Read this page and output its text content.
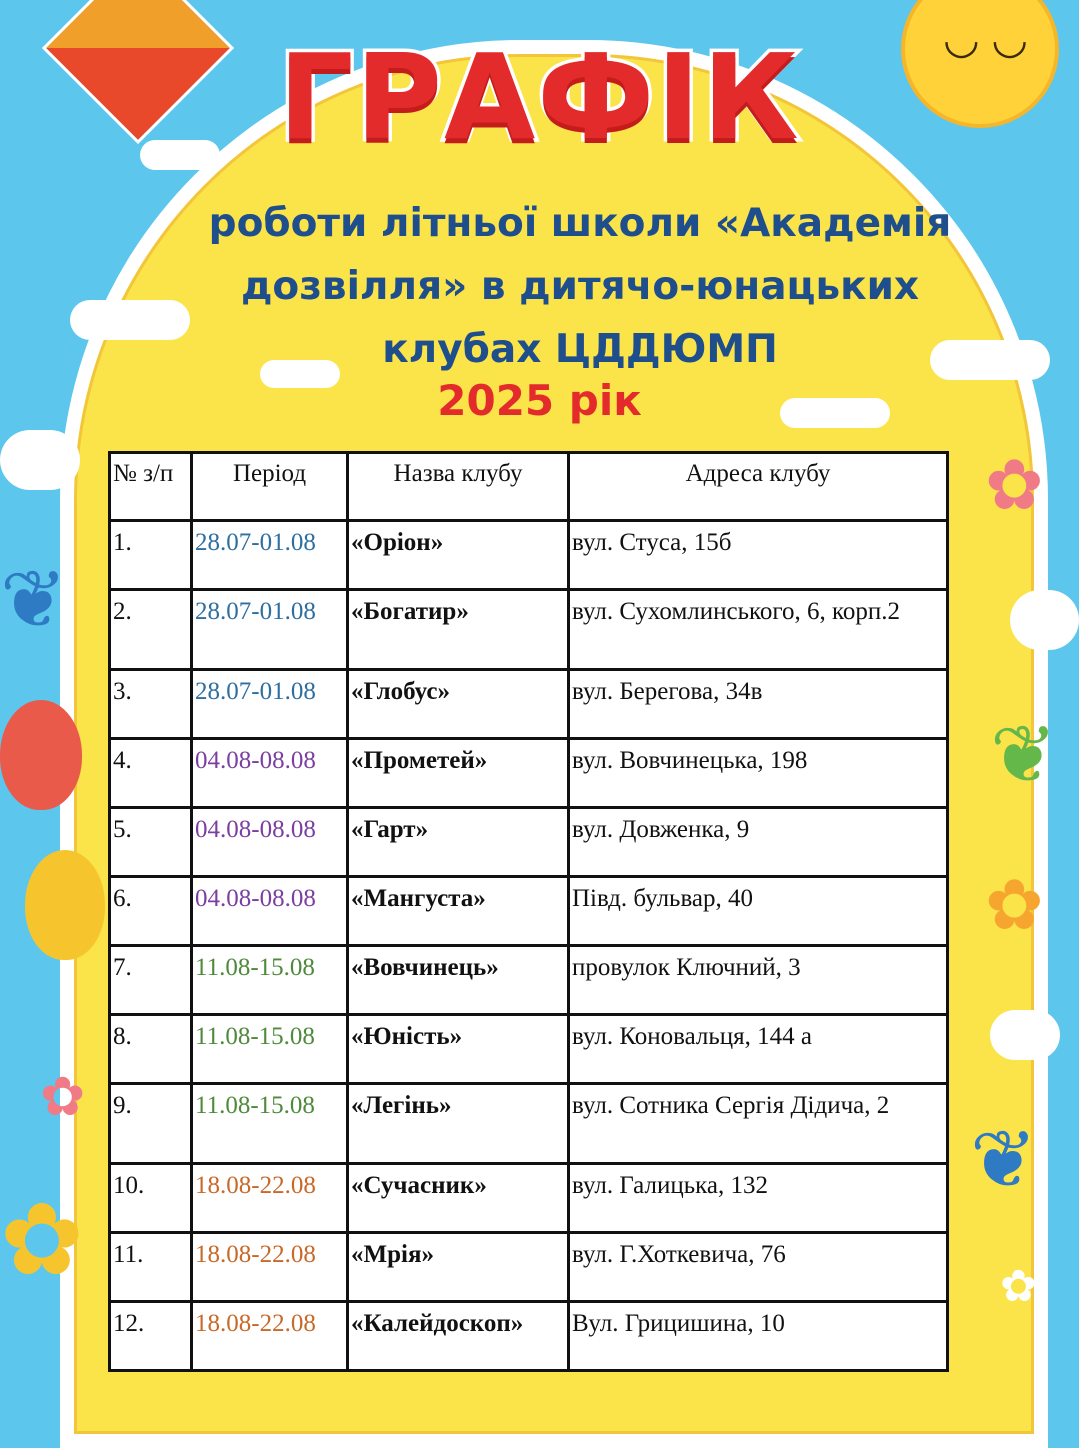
◡ ◡
✿
✿
✿
✿
✿
❦
❦
❦
ГРАФІК
роботи літньої школи «Академія
дозвілля» в дитячо-юнацьких
клубах ЦДДЮМП
2025 рік
№ з/п	Період	Назва клубу	Адреса клубу
1.	28.07-01.08	«Оріон»	вул. Стуса, 15б
2.	28.07-01.08	«Богатир»	вул. Сухомлинського, 6, корп.2
3.	28.07-01.08	«Глобус»	вул. Берегова, 34в
4.	04.08-08.08	«Прометей»	вул. Вовчинецька, 198
5.	04.08-08.08	«Гарт»	вул. Довженка, 9
6.	04.08-08.08	«Мангуста»	Півд. бульвар, 40
7.	11.08-15.08	«Вовчинець»	провулок Ключний, 3
8.	11.08-15.08	«Юність»	вул. Коновальця, 144 а
9.	11.08-15.08	«Легінь»	вул. Сотника Сергія Дідича, 2
10.	18.08-22.08	«Сучасник»	вул. Галицька, 132
11.	18.08-22.08	«Мрія»	вул. Г.Хоткевича, 76
12.	18.08-22.08	«Калейдоскоп»	Вул. Грицишина, 10
